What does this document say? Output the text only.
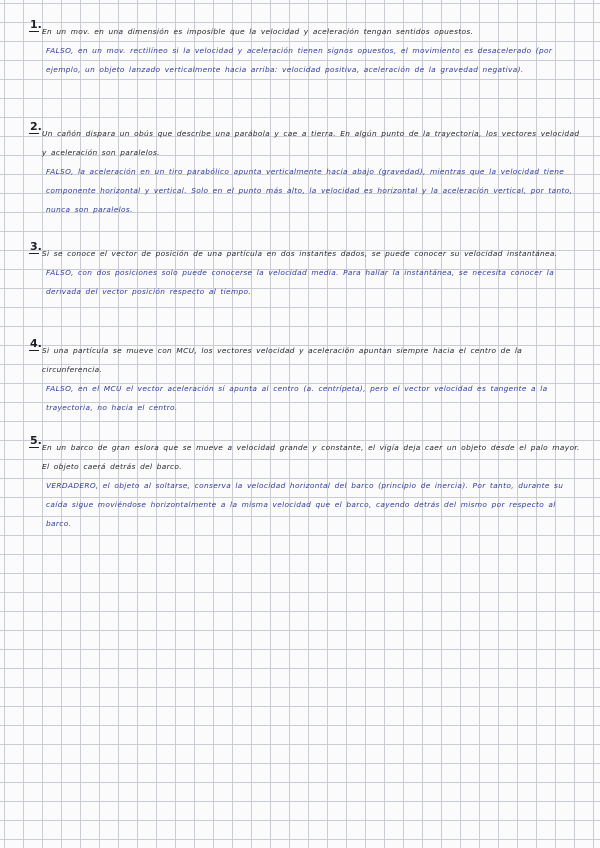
1.
En un mov. en una dimensión es imposible que la velocidad y aceleración tengan sentidos opuestos.
FALSO, en un mov. rectilíneo si la velocidad y aceleración tienen signos opuestos, el movimiento es desacelerado (por ejemplo, un objeto lanzado verticalmente hacia arriba: velocidad positiva, aceleración de la gravedad negativa).
2.
Un cañón dispara un obús que describe una parábola y cae a tierra. En algún punto de la trayectoria, los vectores velocidad y aceleración son paralelos.
FALSO, la aceleración en un tiro parabólico apunta verticalmente hacia abajo (gravedad), mientras que la velocidad tiene componente horizontal y vertical. Solo en el punto más alto, la velocidad es horizontal y la aceleración vertical, por tanto, nunca son paralelos.
3.
Si se conoce el vector de posición de una partícula en dos instantes dados, se puede conocer su velocidad instantánea.
FALSO, con dos posiciones solo puede conocerse la velocidad media. Para hallar la instantánea, se necesita conocer la derivada del vector posición respecto al tiempo.
4.
Si una partícula se mueve con MCU, los vectores velocidad y aceleración apuntan siempre hacia el centro de la circunferencia.
FALSO, en el MCU el vector aceleración sí apunta al centro (a. centrípeta), pero el vector velocidad es tangente a la trayectoria, no hacia el centro.
5.
En un barco de gran eslora que se mueve a velocidad grande y constante, el vigía deja caer un objeto desde el palo mayor. El objeto caerá detrás del barco.
VERDADERO, el objeto al soltarse, conserva la velocidad horizontal del barco (principio de inercia). Por tanto, durante su caída sigue moviéndose horizontalmente a la misma velocidad que el barco, cayendo detrás del mismo por respecto al barco.
